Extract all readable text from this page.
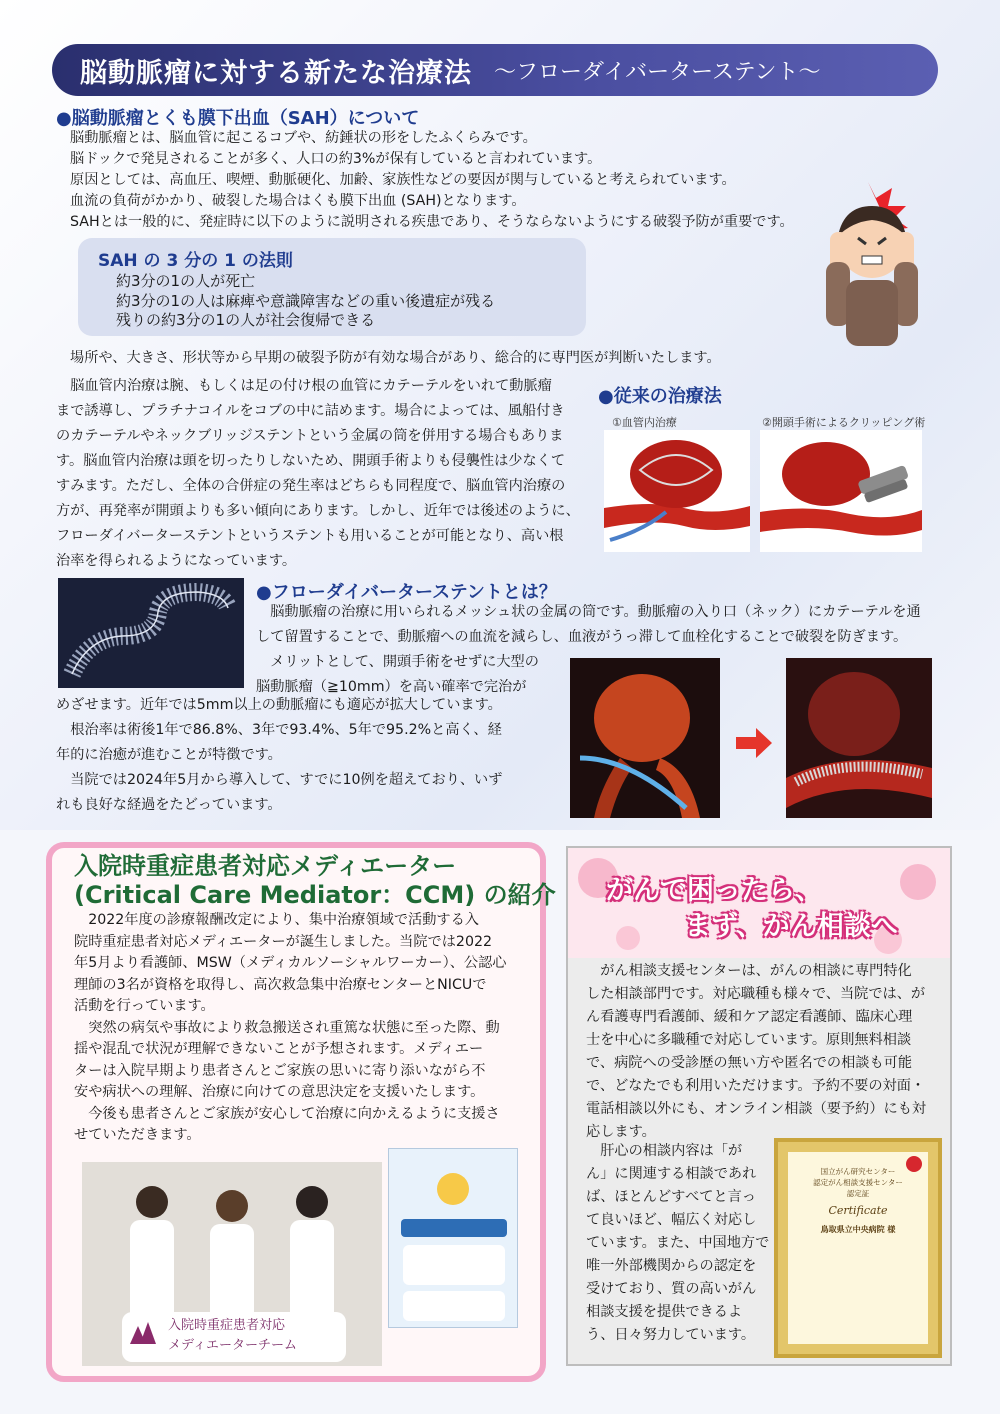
脳動脈瘤に対する新たな治療法 〜フローダイバーターステント〜
●脳動脈瘤とくも膜下出血（SAH）について

脳動脈瘤とは、脳血管に起こるコブや、紡錘状の形をしたふくらみです。

脳ドックで発見されることが多く、人口の約3%が保有していると言われています。

原因としては、高血圧、喫煙、動脈硬化、加齢、家族性などの要因が関与していると考えられています。

血流の負荷がかかり、破裂した場合はくも膜下出血 (SAH)となります。

SAHとは一般的に、発症時に以下のように説明される疾患であり、そうならないようにする破裂予防が重要です。

SAH の 3 分の 1 の法則
約3分の1の人が死亡
約3分の1の人は麻痺や意識障害などの重い後遺症が残る
残りの約3分の1の人が社会復帰できる
場所や、大きさ、形状等から早期の破裂予防が有効な場合があり、総合的に専門医が判断いたします。

　脳血管内治療は腕、もしくは足の付け根の血管にカテーテルをいれて動脈瘤

まで誘導し、プラチナコイルをコブの中に詰めます。場合によっては、風船付き

のカテーテルやネックブリッジステントという金属の筒を併用する場合もありま

す。脳血管内治療は頭を切ったりしないため、開頭手術よりも侵襲性は少なくて

すみます。ただし、全体の合併症の発生率はどちらも同程度で、脳血管内治療の

方が、再発率が開頭よりも多い傾向にあります。しかし、近年では後述のように、

フローダイバーターステントというステントも用いることが可能となり、高い根

治率を得られるようになっています。

●従来の治療法
①血管内治療	②開頭手術によるクリッピング術
●フローダイバーターステントとは？

　脳動脈瘤の治療に用いられるメッシュ状の金属の筒です。動脈瘤の入り口（ネック）にカテーテルを通

して留置することで、動脈瘤への血流を減らし、血液がうっ滞して血栓化することで破裂を防ぎます。

　メリットとして、開頭手術をせずに大型の

脳動脈瘤（≧10mm）を高い確率で完治が

めざせます。近年では5mm以上の動脈瘤にも適応が拡大しています。

　根治率は術後1年で86.8%、3年で93.4%、5年で95.2%と高く、経

年的に治癒が進むことが特徴です。

　当院では2024年5月から導入して、すでに10例を超えており、いず

れも良好な経過をたどっています。

入院時重症患者対応メディエーター
(Critical Care Mediator：CCM) の紹介

　2022年度の診療報酬改定により、集中治療領域で活動する入

院時重症患者対応メディエーターが誕生しました。当院では2022

年5月より看護師、MSW（メディカルソーシャルワーカー）、公認心

理師の3名が資格を取得し、高次救急集中治療センターとNICUで

活動を行っています。

　突然の病気や事故により救急搬送され重篤な状態に至った際、動

揺や混乱で状況が理解できないことが予想されます。メディエー

ターは入院早期より患者さんとご家族の思いに寄り添いながら不

安や病状への理解、治療に向けての意思決定を支援いたします。

　今後も患者さんとご家族が安心して治療に向かえるように支援さ

せていただきます。

入院時重症患者対応
メディエーターチーム
がんで困ったら、
まず、がん相談へ

　がん相談支援センターは、がんの相談に専門特化

した相談部門です。対応職種も様々で、当院では、が

ん看護専門看護師、緩和ケア認定看護師、臨床心理

士を中心に多職種で対応しています。原則無料相談

で、病院への受診歴の無い方や匿名での相談も可能

で、どなたでも利用いただけます。予約不要の対面・

電話相談以外にも、オンライン相談（要予約）にも対

応します。

　肝心の相談内容は「が

ん」に関連する相談であれ

ば、ほとんどすべてと言っ

て良いほど、幅広く対応し

ています。また、中国地方で

唯一外部機関からの認定を

受けており、質の高いがん

相談支援を提供できるよ

う、日々努力しています。

国立がん研究センター
認定がん相談支援センター
認定証
Certificate
鳥取県立中央病院 様
